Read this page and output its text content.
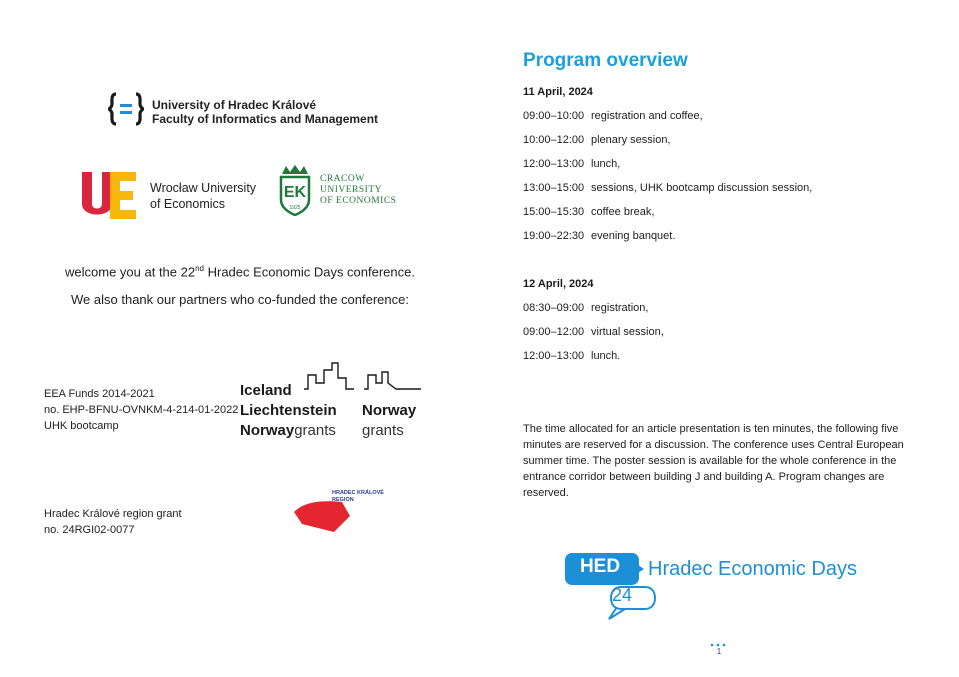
University of Hradec Králové
Faculty of Informatics and Management
Wrocław University
of Economics
EK
1925
CRACOW
UNIVERSITY
OF ECONOMICS
welcome you at the 22nd Hradec Economic Days conference.
We also thank our partners who co-funded the conference:
EEA Funds 2014-2021
no. EHP-BFNU-OVNKM-4-214-01-2022
UHK bootcamp
Iceland
Liechtenstein
Norwaygrants
Norway
grants
Hradec Králové region grant
no. 24RGI02-0077
HRADEC KRÁLOVÉ
REGION
Program overview
11 April, 2024
09:00–10:00 registration and coffee,
10:00–12:00 plenary session,
12:00–13:00 lunch,
13:00–15:00 sessions, UHK bootcamp discussion session,
15:00–15:30 coffee break,
19:00–22:30 evening banquet.
12 April, 2024
08:30–09:00 registration,
09:00–12:00 virtual session,
12:00–13:00 lunch.
The time allocated for an article presentation is ten minutes, the following five minutes are reserved for a discussion. The conference uses Central European summer time. The poster session is available for the whole conference in the entrance corridor between building J and building A. Program changes are reserved.
HED	Hradec Economic Days
24
1
